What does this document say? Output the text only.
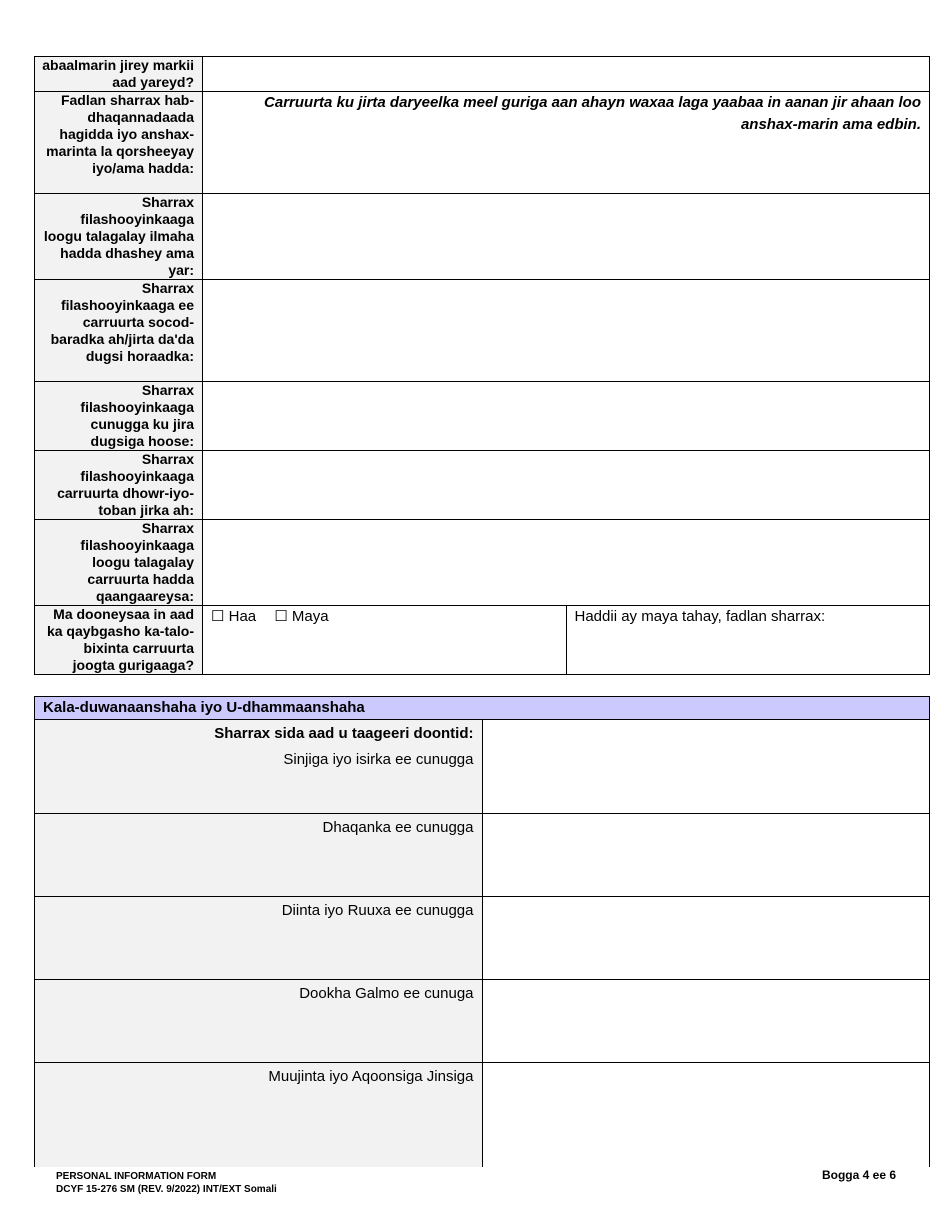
abaalmarin jirey markii aad yareyd?		
Fadlan sharrax hab-dhaqannadaada hagidda iyo anshax-marinta la qorsheeyay iyo/ama hadda:	Carruurta ku jirta daryeelka meel guriga aan ahayn waxaa laga yaabaa in aanan jir ahaan loo anshax-marin ama edbin.	

Sharrax filashooyinkaaga loogu talagalay ilmaha hadda dhashey ama yar:		
Sharrax filashooyinkaaga ee carruurta socod-baradka ah/jirta da'da dugsi horaadka:		
Sharrax filashooyinkaaga cunugga ku jira dugsiga hoose:		
Sharrax filashooyinkaaga carruurta dhowr-iyo-toban jirka ah:		
Sharrax filashooyinkaaga loogu talagalay carruurta hadda qaangaareysa:		
Ma dooneysaa in aad ka qaybgasho ka-talo-bixinta carruurta joogta gurigaaga?	☐ Haa ☐ Maya	Haddii ay maya tahay, fadlan sharrax:
Kala-duwanaanshaha iyo U-dhammaanshaha	

Sharrax sida aad u taageeri doontid:
Sinjiga iyo isirka ee cunugga	
Dhaqanka ee cunugga	
Diinta iyo Ruuxa ee cunugga	
Dookha Galmo ee cunuga	
Muujinta iyo Aqoonsiga Jinsiga	
PERSONAL INFORMATION FORM
DCYF 15-276 SM (REV. 9/2022) INT/EXT Somali
Bogga 4 ee 6
